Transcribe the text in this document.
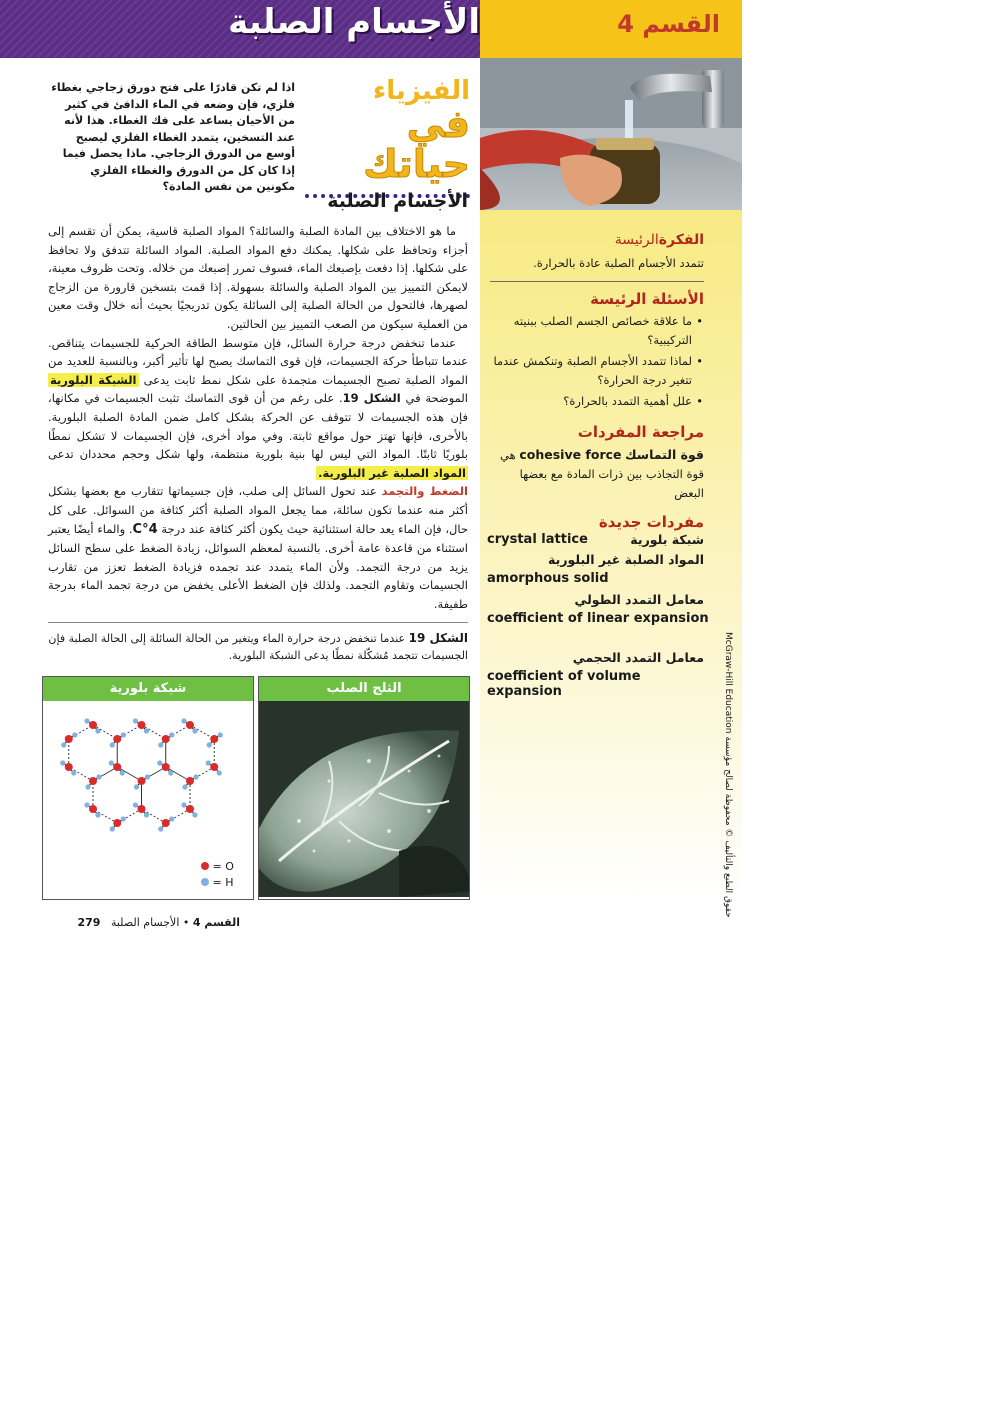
الأجسام الصلبة	القسم 4
الفيزياء
في حياتك
اذا لم تكن قادرًا على فتح دورق زجاجي بغطاء فلزي، فإن وضعه في الماء الدافئ في كثير من الأحيان يساعد على فك الغطاء. هذا لأنه عند التسخين، يتمدد الغطاء الفلزي ليصبح أوسع من الدورق الزجاجي. ماذا يحصل فيما إذا كان كل من الدورق والغطاء الفلزي مكونين من نفس المادة؟
الأجسام الصلبة

ما هو الاختلاف بين المادة الصلبة والسائلة؟ المواد الصلبة قاسية، يمكن أن تقسم إلى أجزاء وتحافظ على شكلها. يمكنك دفع المواد الصلبة. المواد السائلة تتدفق ولا تحافظ على شكلها. إذا دفعت بإصبعك الماء، فسوف تمرر إصبعك من خلاله. وتحت ظروف معينة، لايمكن التمييز بين المواد الصلبة والسائلة بسهولة. إذا قمت بتسخين قارورة من الزجاج لصهرها، فالتحول من الحالة الصلبة إلى السائلة يكون تدريجيًا بحيث أنه خلال وقت معين من العملية سيكون من الصعب التمييز بين الحالتين.

عندما تنخفض درجة حرارة السائل، فإن متوسط الطاقة الحركية للجسيمات يتناقص. عندما تتباطأ حركة الجسيمات، فإن قوى التماسك يصبح لها تأثير أكبر، وبالنسبة للعديد من المواد الصلبة تصبح الجسيمات متجمدة على شكل نمط ثابت يدعى الشبكة البلورية الموضحة في الشكل 19. على رغم من أن قوى التماسك تثبت الجسيمات في مكانها، فإن هذه الجسيمات لا تتوقف عن الحركة بشكل كامل ضمن المادة الصلبة البلورية. بالأحرى، فإنها تهتز حول مواقع ثابتة. وفي مواد أخرى، فإن الجسيمات لا تشكل نمطًا بلوريًا ثابتًا. المواد التي ليس لها بنية بلورية منتظمة، ولها شكل وحجم محددان تدعى المواد الصلبة غير البلورية.

الضغط والتجمد عند تحول السائل إلى صلب، فإن جسيماتها تتقارب مع بعضها بشكل أكثر منه عندما تكون سائلة، مما يجعل المواد الصلبة أكثر كثافة من السوائل. على كل حال، فإن الماء يعد حالة استثنائية حيث يكون أكثر كثافة عند درجة 4°C. والماء أيضًا يعتبر استثناء من قاعدة عامة أخرى. بالنسبة لمعظم السوائل، زيادة الضغط على سطح السائل يزيد من درجة التجمد. ولأن الماء يتمدد عند تجمده فزيادة الضغط تعزز من تقارب الجسيمات وتقاوم التجمد. ولذلك فإن الضغط الأعلى يخفض من درجة تجمد الماء بدرجة طفيفة.

الشكل 19 عندما تنخفض درجة حرارة الماء ويتغير من الحالة السائلة إلى الحالة الصلبة فإن الجسيمات تتجمد مُشكّلة نمطًا يدعى الشبكة البلورية.
شبكة بلورية
= O
= H
الثلج الصلب
القسم 4 • الأجسام الصلبة   279
الفكرةالرئيسة
تتمدد الأجسام الصلبة عادة بالحرارة.
الأسئلة الرئيسة
•
ما علاقة خصائص الجسم الصلب ببنيته التركيبية؟
•
لماذا تتمدد الأجسام الصلبة وتنكمش عندما تتغير درجة الحرارة؟
•
علل أهمية التمدد بالحرارة؟
مراجعة المفردات
قوة التماسك cohesive force هي
قوة التجاذب بين ذرات المادة مع بعضها البعض
مفردات جديدة
شبكة بلورية
crystal lattice
المواد الصلبة غير البلورية
amorphous solid
معامل التمدد الطولي
coefficient of linear expansion
معامل التمدد الحجمي
coefficient of volume expansion	حقوق الطبع والتأليف © محفوظة لصالح مؤسسة McGraw-Hill Education
